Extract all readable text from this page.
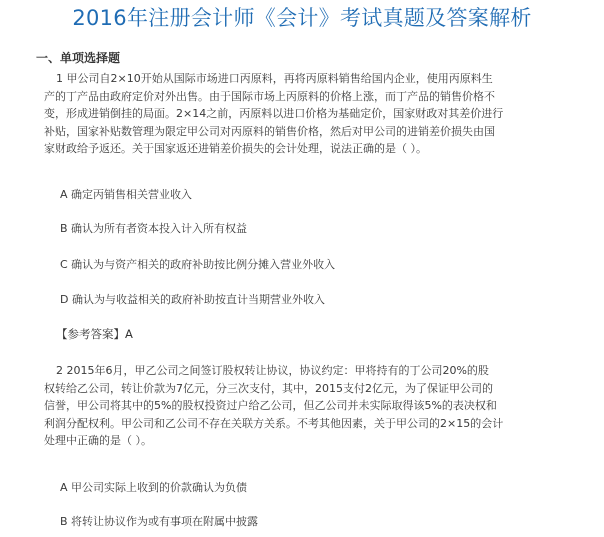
2016年注册会计师《会计》考试真题及答案解析
一、单项选择题
1 甲公司自2×10开始从国际市场进口丙原料，再将丙原料销售给国内企业，使用丙原料生
产的丁产品由政府定价对外出售。由于国际市场上丙原料的价格上涨，而丁产品的销售价格不
变，形成进销倒挂的局面。2×14之前，丙原料以进口价格为基础定价，国家财政对其差价进行
补贴，国家补贴数管理为限定甲公司对丙原料的销售价格，然后对甲公司的进销差价损失由国
家财政给予返还。关于国家返还进销差价损失的会计处理，说法正确的是（ ）。
A 确定丙销售相关营业收入
B 确认为所有者资本投入计入所有权益
C 确认为与资产相关的政府补助按比例分摊入营业外收入
D 确认为与收益相关的政府补助按直计当期营业外收入
【参考答案】A
2 2015年6月，甲乙公司之间签订股权转让协议，协议约定：甲将持有的丁公司20%的股
权转给乙公司，转让价款为7亿元，分三次支付，其中，2015支付2亿元，为了保证甲公司的
信誉，甲公司将其中的5%的股权投资过户给乙公司，但乙公司并未实际取得该5%的表决权和
利润分配权利。甲公司和乙公司不存在关联方关系。不考其他因素，关于甲公司的2×15的会计
处理中正确的是（ ）。
A 甲公司实际上收到的价款确认为负债
B 将转让协议作为或有事项在附属中披露
